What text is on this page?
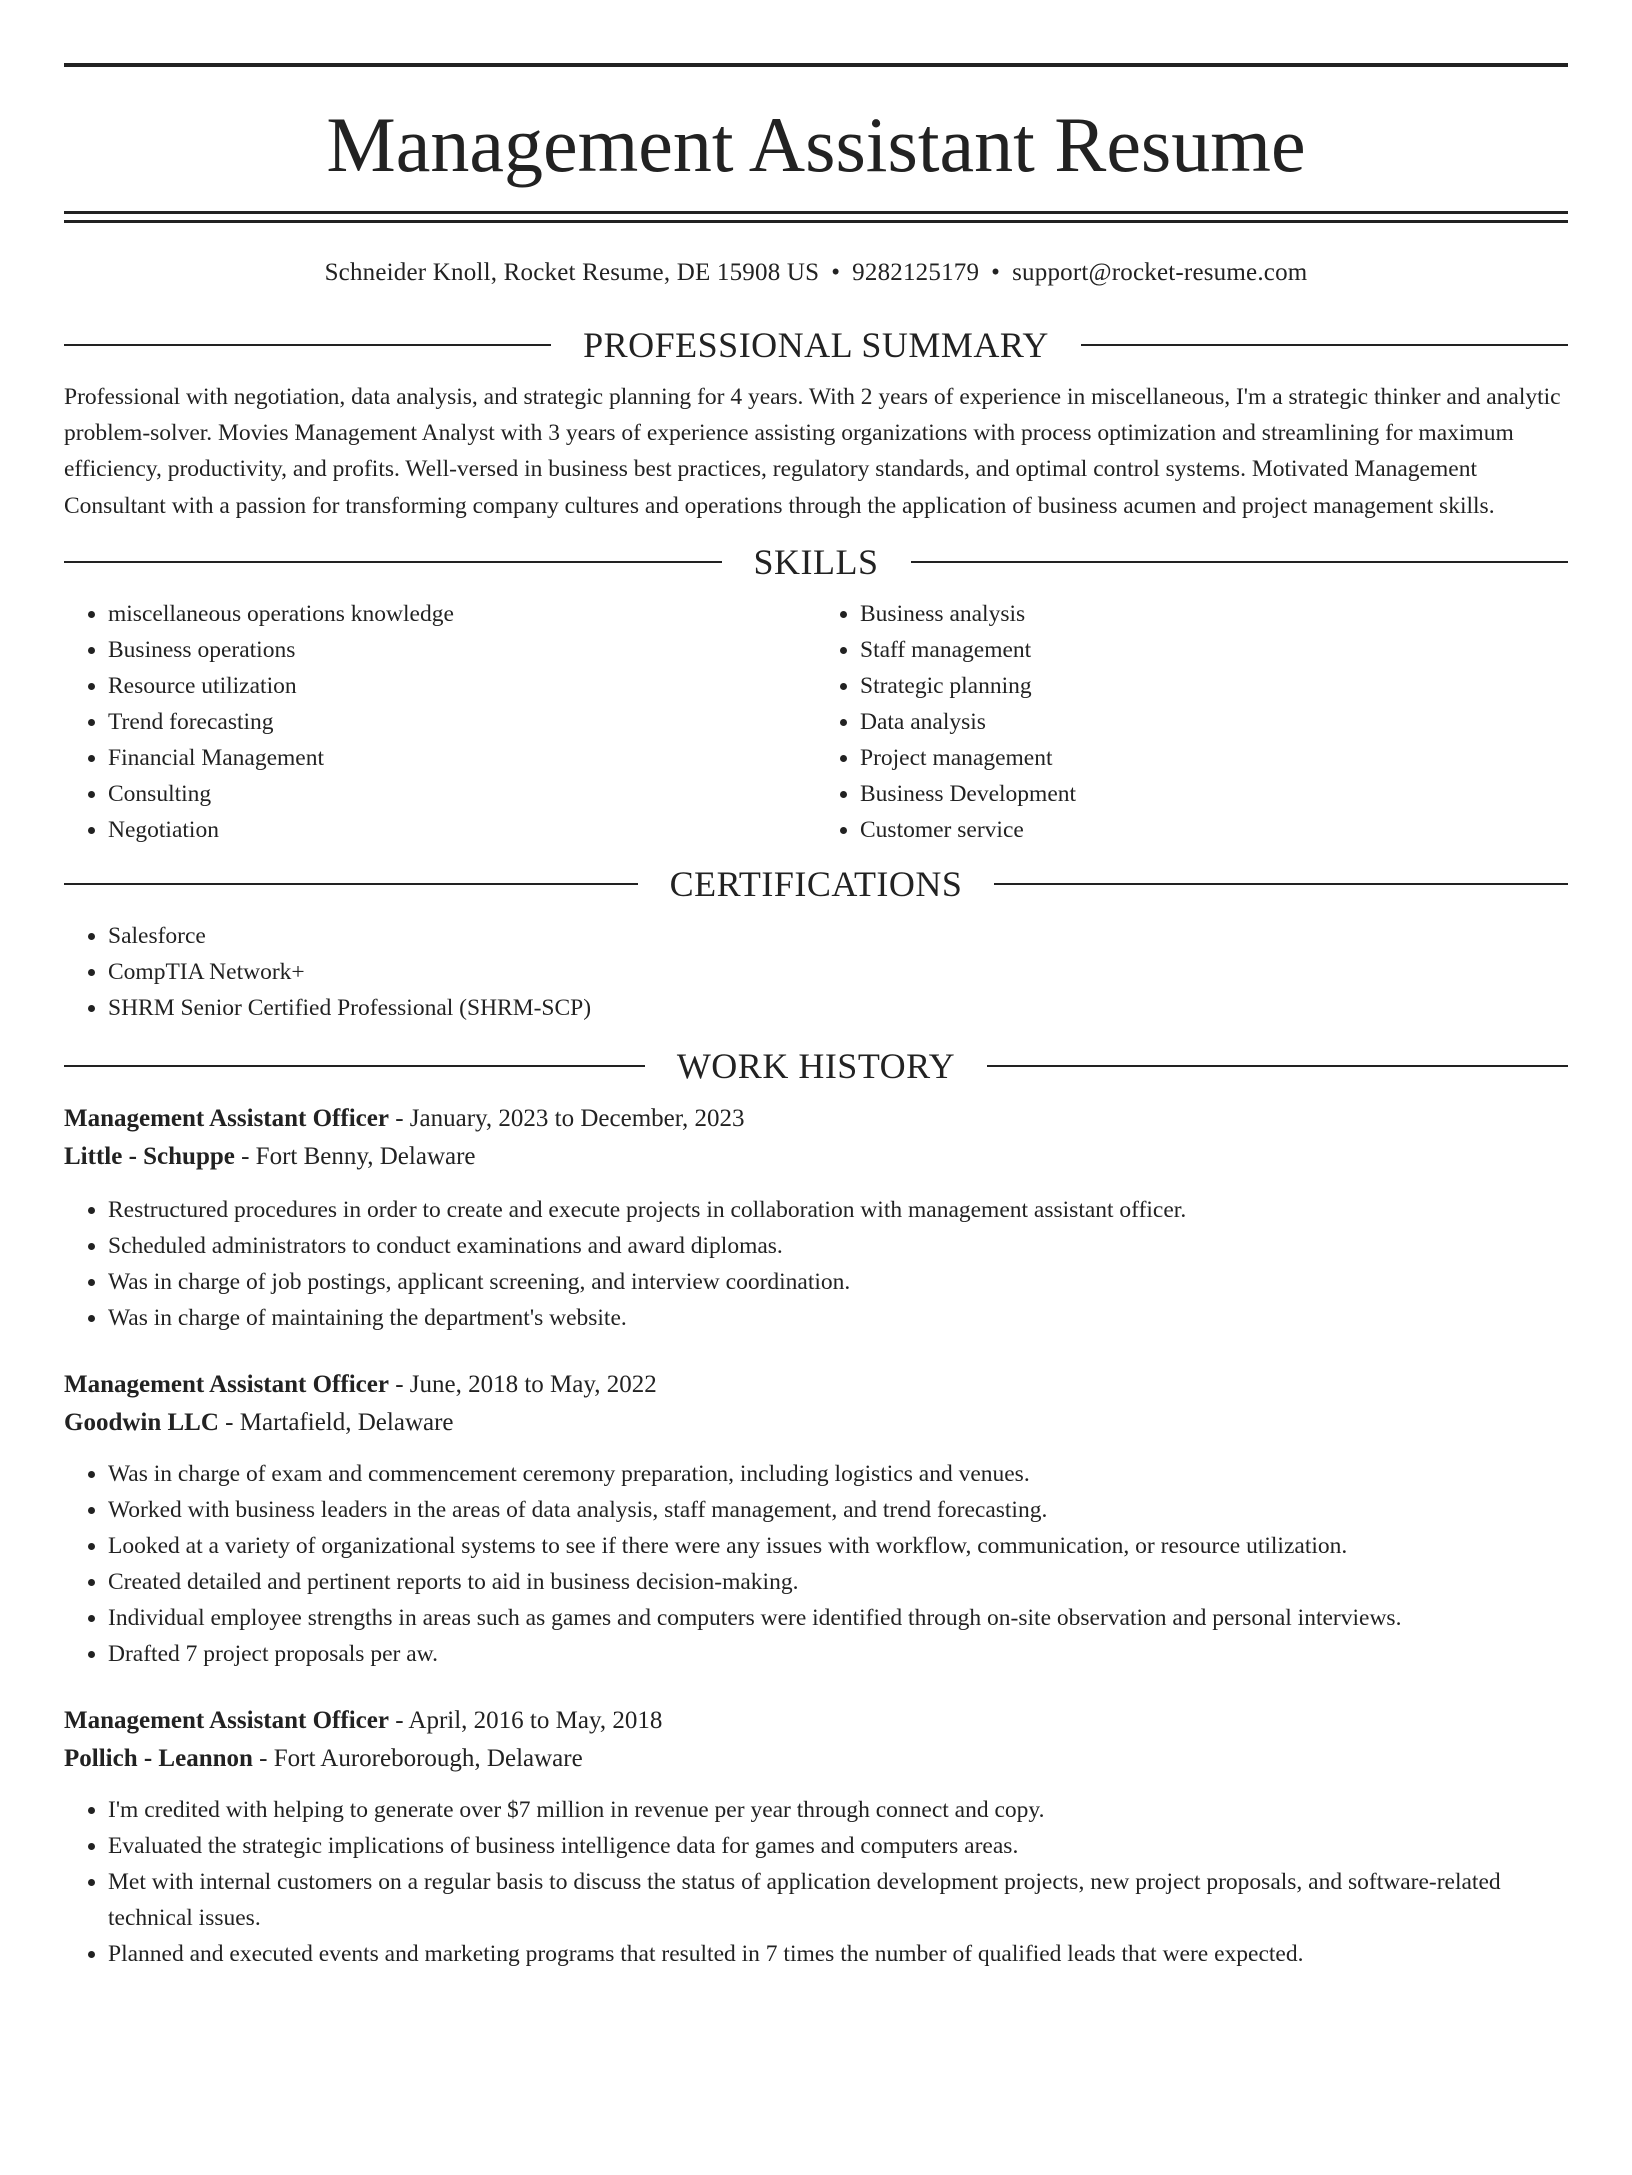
Management Assistant Resume
Schneider Knoll, Rocket Resume, DE 15908 US • 9282125179 • support@rocket-resume.com
PROFESSIONAL SUMMARY

Professional with negotiation, data analysis, and strategic planning for 4 years. With 2 years of experience in miscellaneous, I'm a strategic thinker and analytic problem-solver. Movies Management Analyst with 3 years of experience assisting organizations with process optimization and streamlining for maximum efficiency, productivity, and profits. Well-versed in business best practices, regulatory standards, and optimal control systems. Motivated Management Consultant with a passion for transforming company cultures and operations through the application of business acumen and project management skills.

SKILLS
• miscellaneous operations knowledge
• Business operations
• Resource utilization
• Trend forecasting
• Financial Management
• Consulting
• Negotiation
• Business analysis
• Staff management
• Strategic planning
• Data analysis
• Project management
• Business Development
• Customer service
CERTIFICATIONS
• Salesforce
• CompTIA Network+
• SHRM Senior Certified Professional (SHRM-SCP)
WORK HISTORY
Management Assistant Officer - January, 2023 to December, 2023
Little - Schuppe - Fort Benny, Delaware
• Restructured procedures in order to create and execute projects in collaboration with management assistant officer.
• Scheduled administrators to conduct examinations and award diplomas.
• Was in charge of job postings, applicant screening, and interview coordination.
• Was in charge of maintaining the department's website.
Management Assistant Officer - June, 2018 to May, 2022
Goodwin LLC - Martafield, Delaware
• Was in charge of exam and commencement ceremony preparation, including logistics and venues.
• Worked with business leaders in the areas of data analysis, staff management, and trend forecasting.
• Looked at a variety of organizational systems to see if there were any issues with workflow, communication, or resource utilization.
• Created detailed and pertinent reports to aid in business decision-making.
• Individual employee strengths in areas such as games and computers were identified through on-site observation and personal interviews.
• Drafted 7 project proposals per aw.
Management Assistant Officer - April, 2016 to May, 2018
Pollich - Leannon - Fort Auroreborough, Delaware
• I'm credited with helping to generate over $7 million in revenue per year through connect and copy.
• Evaluated the strategic implications of business intelligence data for games and computers areas.
• Met with internal customers on a regular basis to discuss the status of application development projects, new project proposals, and software-related technical issues.
• Planned and executed events and marketing programs that resulted in 7 times the number of qualified leads that were expected.
